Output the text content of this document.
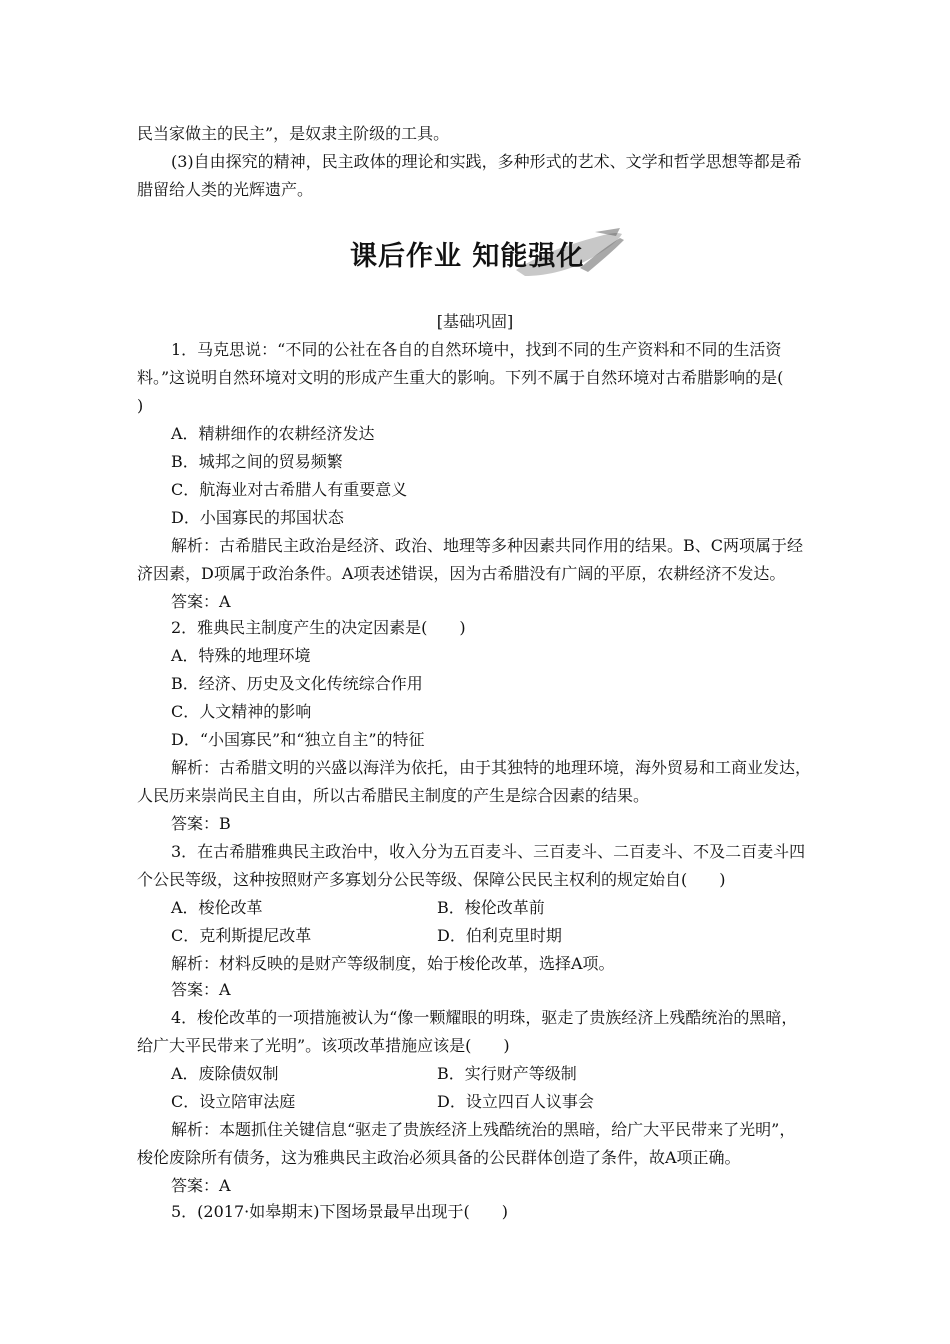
民当家做主的民主”，是奴隶主阶级的工具。
(3)自由探究的精神，民主政体的理论和实践，多种形式的艺术、文学和哲学思想等都是希
腊留给人类的光辉遗产。
课后作业 知能强化
[基础巩固]
1．马克思说：“不同的公社在各自的自然环境中，找到不同的生产资料和不同的生活资
料。”这说明自然环境对文明的形成产生重大的影响。下列不属于自然环境对古希腊影响的是(
)
A．精耕细作的农耕经济发达
B．城邦之间的贸易频繁
C．航海业对古希腊人有重要意义
D．小国寡民的邦国状态
解析：古希腊民主政治是经济、政治、地理等多种因素共同作用的结果。B、C两项属于经
济因素，D项属于政治条件。A项表述错误，因为古希腊没有广阔的平原，农耕经济不发达。
答案：A
2．雅典民主制度产生的决定因素是(　　)
A．特殊的地理环境
B．经济、历史及文化传统综合作用
C．人文精神的影响
D．“小国寡民”和“独立自主”的特征
解析：古希腊文明的兴盛以海洋为依托，由于其独特的地理环境，海外贸易和工商业发达，
人民历来崇尚民主自由，所以古希腊民主制度的产生是综合因素的结果。
答案：B
3．在古希腊雅典民主政治中，收入分为五百麦斗、三百麦斗、二百麦斗、不及二百麦斗四
个公民等级，这种按照财产多寡划分公民等级、保障公民民主权利的规定始自(　　)
A．梭伦改革	B．梭伦改革前
C．克利斯提尼改革	D．伯利克里时期
解析：材料反映的是财产等级制度，始于梭伦改革，选择A项。
答案：A
4．梭伦改革的一项措施被认为“像一颗耀眼的明珠，驱走了贵族经济上残酷统治的黑暗，
给广大平民带来了光明”。该项改革措施应该是(　　)
A．废除债奴制	B．实行财产等级制
C．设立陪审法庭	D．设立四百人议事会
解析：本题抓住关键信息“驱走了贵族经济上残酷统治的黑暗，给广大平民带来了光明”，
梭伦废除所有债务，这为雅典民主政治必须具备的公民群体创造了条件，故A项正确。
答案：A
5．(2017·如皋期末)下图场景最早出现于(　　)
